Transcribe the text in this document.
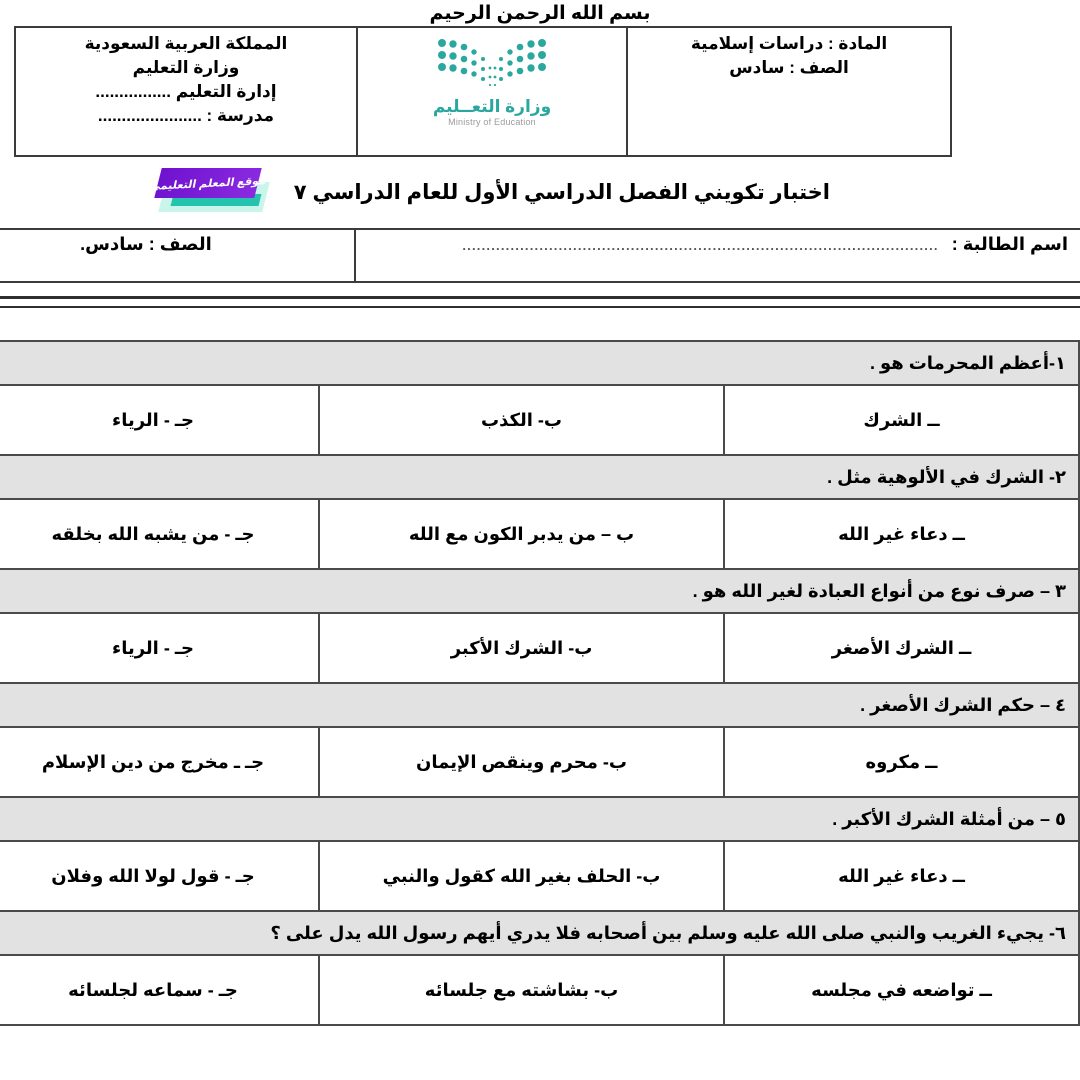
بسم الله الرحمن الرحيم
المادة : دراسات إسلامية
الصف : سادس

وزارة التعــليم
Ministry of Education

المملكة العربية السعودية
وزارة التعليم
إدارة التعليم ................
مدرسة : ......................
اختبار تكويني الفصل الدراسي الأول للعام الدراسي ٧
موقع المعلم التعليمي
اسم الطالبة : ...................................................................................................	الصف : سادس.
١-أعظم المحرمات هو .		
ــ الشرك	ب- الكذب	جـ - الرياء
٢- الشرك في الألوهية مثل .		
ــ دعاء غير الله	ب – من يدبر الكون مع الله	جـ - من يشبه الله بخلقه
٣ – صرف نوع من أنواع العبادة لغير الله هو .		
ــ الشرك الأصغر	ب- الشرك الأكبر	جـ - الرياء
٤ – حكم الشرك الأصغر .		
ــ مكروه	ب- محرم وينقص الإيمان	جـ ـ مخرج من دين الإسلام
٥ – من أمثلة الشرك الأكبر .		
ــ دعاء غير الله	ب- الحلف بغير الله كقول والنبي	جـ - قول لولا الله وفلان
٦- يجيء الغريب والنبي صلى الله عليه وسلم بين أصحابه فلا يدري أيهم رسول الله يدل على ؟		
ــ تواضعه في مجلسه	ب- بشاشته مع جلسائه	جـ - سماعه لجلسائه
